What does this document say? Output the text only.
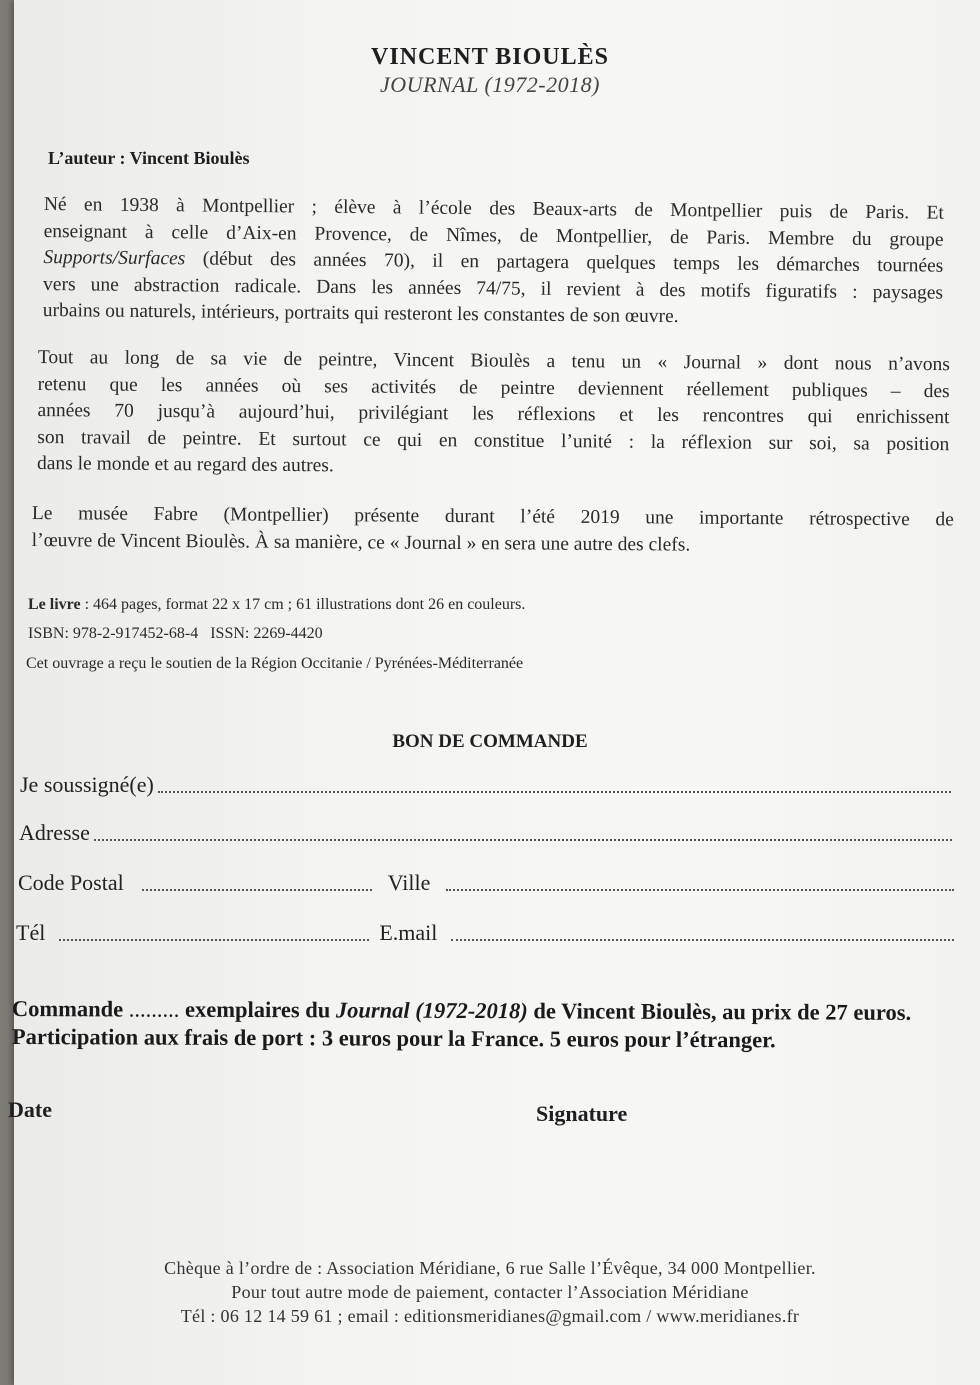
VINCENT BIOULÈS
JOURNAL (1972-2018)
L’auteur : Vincent Bioulès
Né en 1938 à Montpellier ; élève à l’école des Beaux-arts de Montpellier puis de Paris. Et
enseignant à celle d’Aix-en Provence, de Nîmes, de Montpellier, de Paris. Membre du groupe
Supports/Surfaces (début des années 70), il en partagera quelques temps les démarches tournées
vers une abstraction radicale. Dans les années 74/75, il revient à des motifs figuratifs : paysages
urbains ou naturels, intérieurs, portraits qui resteront les constantes de son œuvre.
Tout au long de sa vie de peintre, Vincent Bioulès a tenu un « Journal » dont nous n’avons
retenu que les années où ses activités de peintre deviennent réellement publiques – des
années 70 jusqu’à aujourd’hui, privilégiant les réflexions et les rencontres qui enrichissent
son travail de peintre. Et surtout ce qui en constitue l’unité : la réflexion sur soi, sa position
dans le monde et au regard des autres.
Le musée Fabre (Montpellier) présente durant l’été 2019 une importante rétrospective de
l’œuvre de Vincent Bioulès. À sa manière, ce « Journal » en sera une autre des clefs.
Le livre : 464 pages, format 22 x 17 cm ; 61 illustrations dont 26 en couleurs.
ISBN: 978-2-917452-68-4   ISSN: 2269-4420
Cet ouvrage a reçu le soutien de la Région Occitanie / Pyrénées-Méditerranée
BON DE COMMANDE
Je soussigné(e)
Adresse
Code Postal	Ville
Tél	E.mail
Commande ......... exemplaires du Journal (1972-2018) de Vincent Bioulès, au prix de 27 euros.
Participation aux frais de port : 3 euros pour la France. 5 euros pour l’étranger.
Date	Signature
Chèque à l’ordre de : Association Méridiane, 6 rue Salle l’Évêque, 34 000 Montpellier.
Pour tout autre mode de paiement, contacter l’Association Méridiane
Tél : 06 12 14 59 61 ; email : editionsmeridianes@gmail.com / www.meridianes.fr
